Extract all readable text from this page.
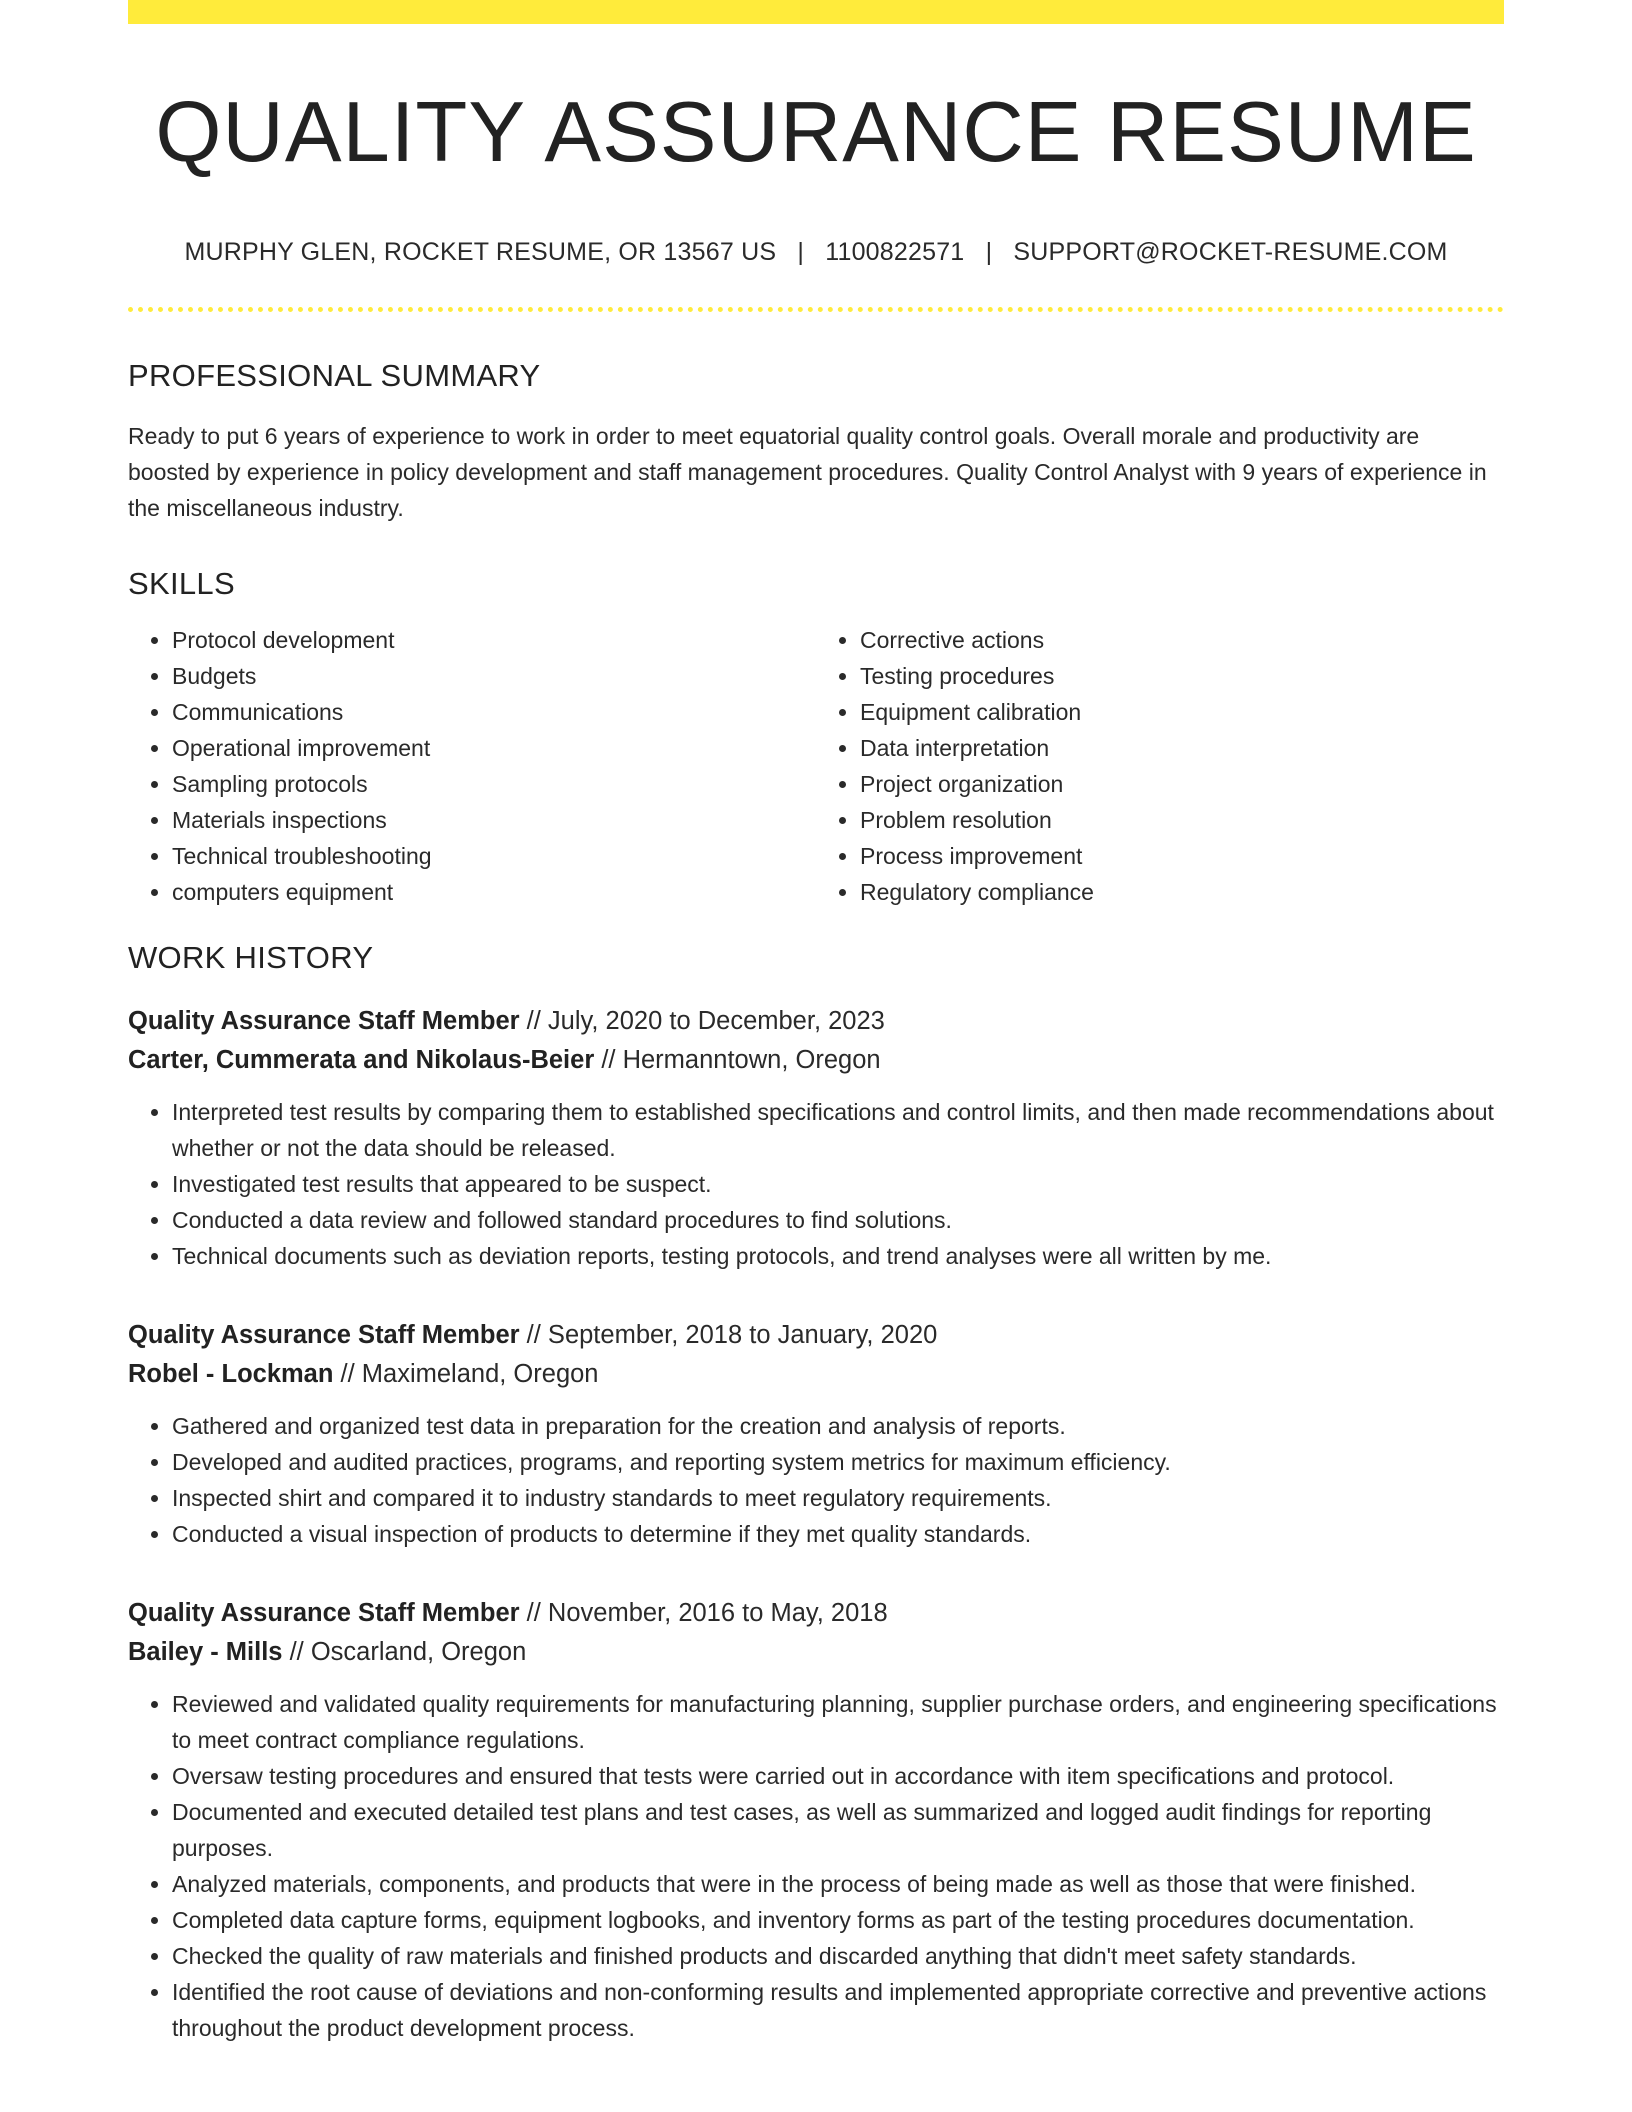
QUALITY ASSURANCE RESUME
MURPHY GLEN, ROCKET RESUME, OR 13567 US | 1100822571 | SUPPORT@ROCKET-RESUME.COM
PROFESSIONAL SUMMARY

Ready to put 6 years of experience to work in order to meet equatorial quality control goals. Overall morale and productivity are boosted by experience in policy development and staff management procedures. Quality Control Analyst with 9 years of experience in the miscellaneous industry.

SKILLS
• Protocol development
• Budgets
• Communications
• Operational improvement
• Sampling protocols
• Materials inspections
• Technical troubleshooting
• computers equipment
• Corrective actions
• Testing procedures
• Equipment calibration
• Data interpretation
• Project organization
• Problem resolution
• Process improvement
• Regulatory compliance
WORK HISTORY
Quality Assurance Staff Member // July, 2020 to December, 2023
Carter, Cummerata and Nikolaus-Beier // Hermanntown, Oregon
• Interpreted test results by comparing them to established specifications and control limits, and then made recommendations about whether or not the data should be released.
• Investigated test results that appeared to be suspect.
• Conducted a data review and followed standard procedures to find solutions.
• Technical documents such as deviation reports, testing protocols, and trend analyses were all written by me.
Quality Assurance Staff Member // September, 2018 to January, 2020
Robel - Lockman // Maximeland, Oregon
• Gathered and organized test data in preparation for the creation and analysis of reports.
• Developed and audited practices, programs, and reporting system metrics for maximum efficiency.
• Inspected shirt and compared it to industry standards to meet regulatory requirements.
• Conducted a visual inspection of products to determine if they met quality standards.
Quality Assurance Staff Member // November, 2016 to May, 2018
Bailey - Mills // Oscarland, Oregon
• Reviewed and validated quality requirements for manufacturing planning, supplier purchase orders, and engineering specifications to meet contract compliance regulations.
• Oversaw testing procedures and ensured that tests were carried out in accordance with item specifications and protocol.
• Documented and executed detailed test plans and test cases, as well as summarized and logged audit findings for reporting purposes.
• Analyzed materials, components, and products that were in the process of being made as well as those that were finished.
• Completed data capture forms, equipment logbooks, and inventory forms as part of the testing procedures documentation.
• Checked the quality of raw materials and finished products and discarded anything that didn't meet safety standards.
• Identified the root cause of deviations and non-conforming results and implemented appropriate corrective and preventive actions throughout the product development process.
